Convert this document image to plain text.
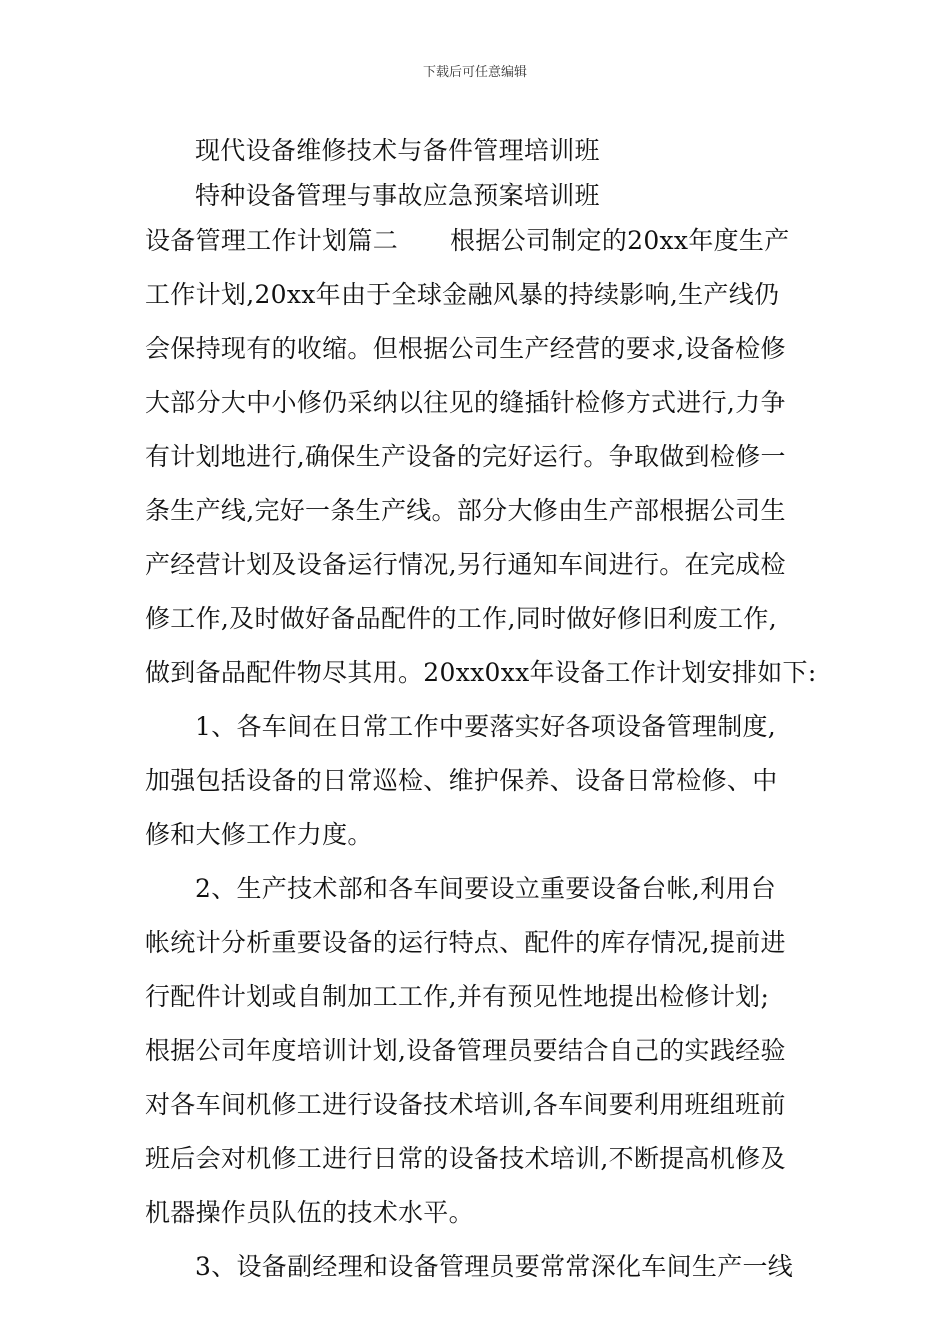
下载后可任意编辑
现代设备维修技术与备件管理培训班
特种设备管理与事故应急预案培训班
设备管理工作计划篇二 根据公司制定的20xx年度生产
工作计划,20xx年由于全球金融风暴的持续影响,生产线仍
会保持现有的收缩。但根据公司生产经营的要求,设备检修
大部分大中小修仍采纳以往见的缝插针检修方式进行,力争
有计划地进行,确保生产设备的完好运行。争取做到检修一
条生产线,完好一条生产线。部分大修由生产部根据公司生
产经营计划及设备运行情况,另行通知车间进行。在完成检
修工作,及时做好备品配件的工作,同时做好修旧利废工作,
做到备品配件物尽其用。20xx0xx年设备工作计划安排如下:
1、各车间在日常工作中要落实好各项设备管理制度,
加强包括设备的日常巡检、维护保养、设备日常检修、中
修和大修工作力度。
2、生产技术部和各车间要设立重要设备台帐,利用台
帐统计分析重要设备的运行特点、配件的库存情况,提前进
行配件计划或自制加工工作,并有预见性地提出检修计划;
根据公司年度培训计划,设备管理员要结合自己的实践经验
对各车间机修工进行设备技术培训,各车间要利用班组班前
班后会对机修工进行日常的设备技术培训,不断提高机修及
机器操作员队伍的技术水平。
3、设备副经理和设备管理员要常常深化车间生产一线
